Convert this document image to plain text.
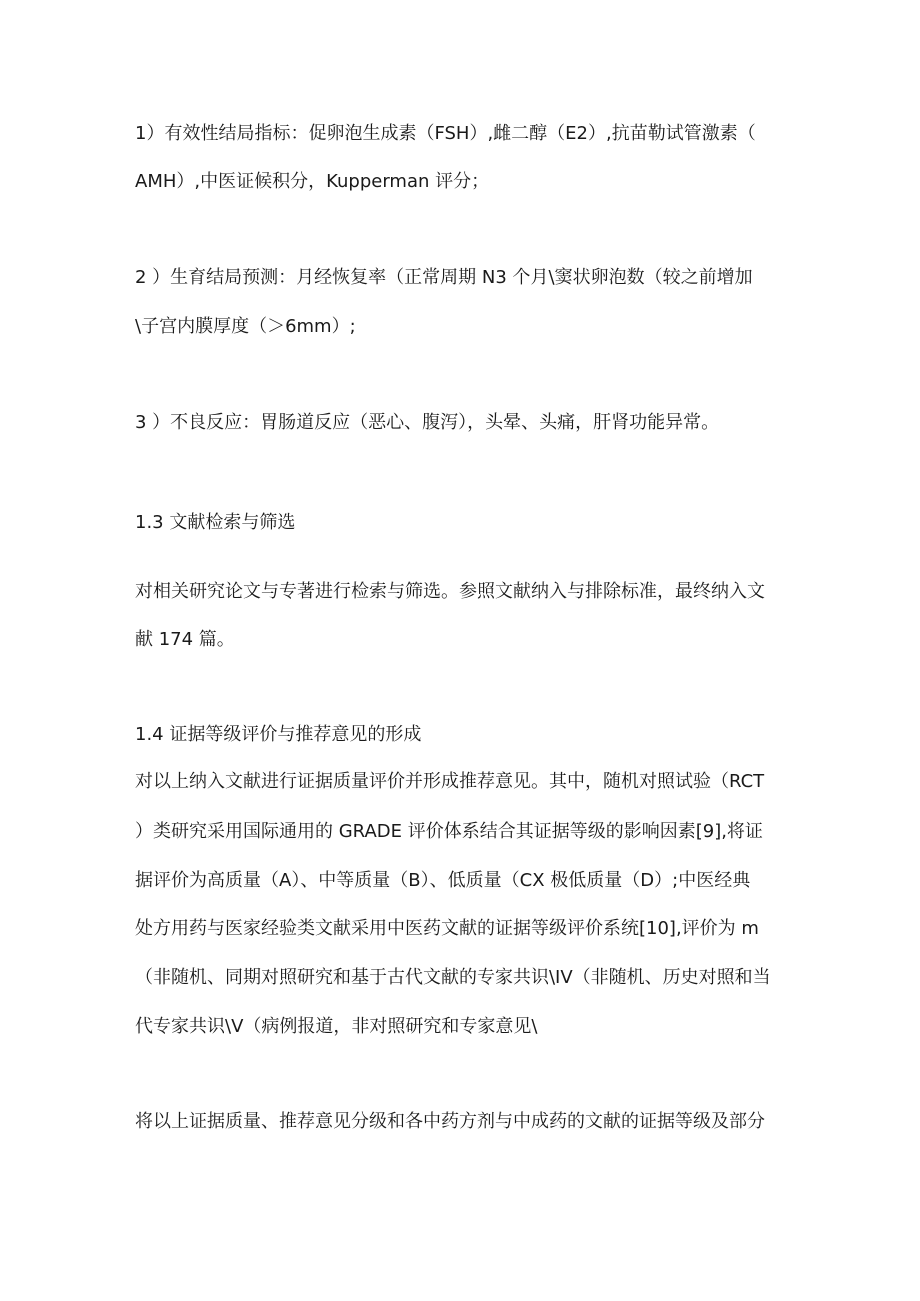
1）有效性结局指标：促卵泡生成素（FSH）,雌二醇（E2）,抗苗勒试管激素（

AMH）,中医证候积分，Kupperman 评分；

2 ）生育结局预测：月经恢复率（正常周期 N3 个月\窦状卵泡数（较之前增加

\子宫内膜厚度（＞6mm）;

3 ）不良反应：胃肠道反应（恶心、腹泻），头晕、头痛，肝肾功能异常。

1.3 文献检索与筛选

对相关研究论文与专著进行检索与筛选。参照文献纳入与排除标准，最终纳入文

献 174 篇。

1.4 证据等级评价与推荐意见的形成

对以上纳入文献进行证据质量评价并形成推荐意见。其中，随机对照试验（RCT

）类研究采用国际通用的 GRADE 评价体系结合其证据等级的影响因素[9],将证

据评价为高质量（A）、中等质量（B）、低质量（CX 极低质量（D）;中医经典

处方用药与医家经验类文献采用中医药文献的证据等级评价系统[10],评价为 m

（非随机、同期对照研究和基于古代文献的专家共识\IV（非随机、历史对照和当

代专家共识\V（病例报道，非对照研究和专家意见\

将以上证据质量、推荐意见分级和各中药方剂与中成药的文献的证据等级及部分
